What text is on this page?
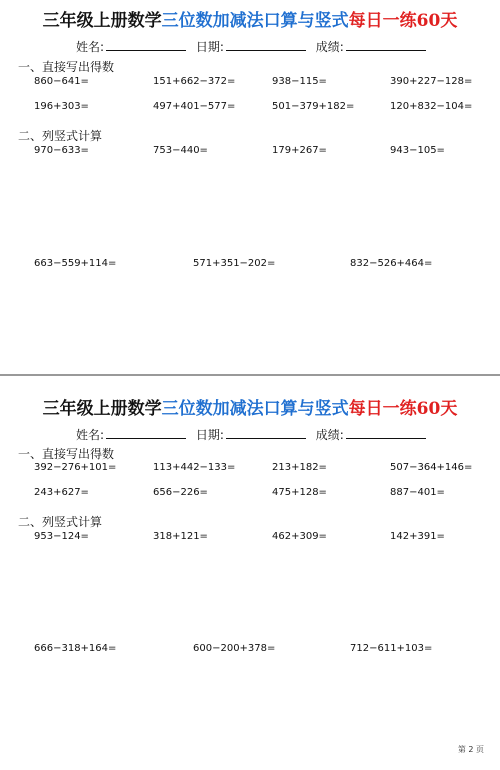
三年级上册数学三位数加减法口算与竖式每日一练60天
姓名:	日期:	成绩:
一、直接写出得数
860−641=	151+662−372=	938−115=	390+227−128=
196+303=	497+401−577=	501−379+182=	120+832−104=
二、列竖式计算
970−633=	753−440=	179+267=	943−105=
663−559+114=	571+351−202=	832−526+464=
三年级上册数学三位数加减法口算与竖式每日一练60天
姓名:	日期:	成绩:
一、直接写出得数
392−276+101=	113+442−133=	213+182=	507−364+146=
243+627=	656−226=	475+128=	887−401=
二、列竖式计算
953−124=	318+121=	462+309=	142+391=
666−318+164=	600−200+378=	712−611+103=
第 2 页
